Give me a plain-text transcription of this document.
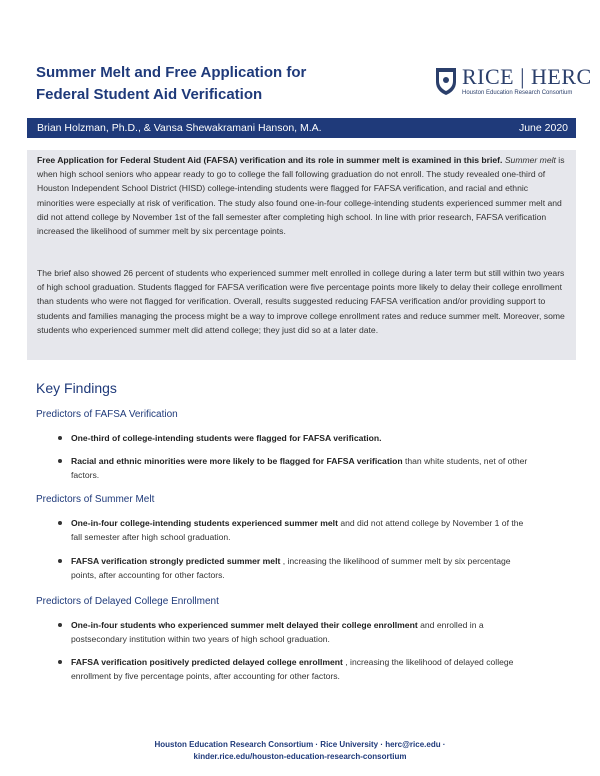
Summer Melt and Free Application for
Federal Student Aid Verification
RICE | HERC
Houston Education Research Consortium
Brian Holzman, Ph.D., & Vansa Shewakramani Hanson, M.A.	June 2020
Free Application for Federal Student Aid (FAFSA) verification and its role in summer melt is examined in this brief. Summer melt is when high school seniors who appear ready to go to college the fall following graduation do not enroll. The study revealed one-third of Houston Independent School District (HISD) college-intending students were flagged for FAFSA verification, and racial and ethnic minorities were especially at risk of verification. The study also found one-in-four college-intending students experienced summer melt and did not attend college by November 1st of the fall semester after completing high school. In line with prior research, FAFSA verification increased the likelihood of summer melt by six percentage points.
The brief also showed 26 percent of students who experienced summer melt enrolled in college during a later term but still within two years of high school graduation. Students flagged for FAFSA verification were five percentage points more likely to delay their college enrollment than students who were not flagged for verification. Overall, results suggested reducing FAFSA verification and/or providing support to students and families managing the process might be a way to improve college enrollment rates and reduce summer melt. Moreover, some students who experienced summer melt did attend college; they just did so at a later date.
Key Findings
Predictors of FAFSA Verification
One-third of college-intending students were flagged for FAFSA verification.
Racial and ethnic minorities were more likely to be flagged for FAFSA verification than white students, net of other factors.
Predictors of Summer Melt
One-in-four college-intending students experienced summer melt and did not attend college by November 1 of the fall semester after high school graduation.
FAFSA verification strongly predicted summer melt , increasing the likelihood of summer melt by six percentage points, after accounting for other factors.
Predictors of Delayed College Enrollment
One-in-four students who experienced summer melt delayed their college enrollment and enrolled in a postsecondary institution within two years of high school graduation.
FAFSA verification positively predicted delayed college enrollment , increasing the likelihood of delayed college enrollment by five percentage points, after accounting for other factors.
Houston Education Research Consortium · Rice University · herc@rice.edu ·
kinder.rice.edu/houston-education-research-consortium
